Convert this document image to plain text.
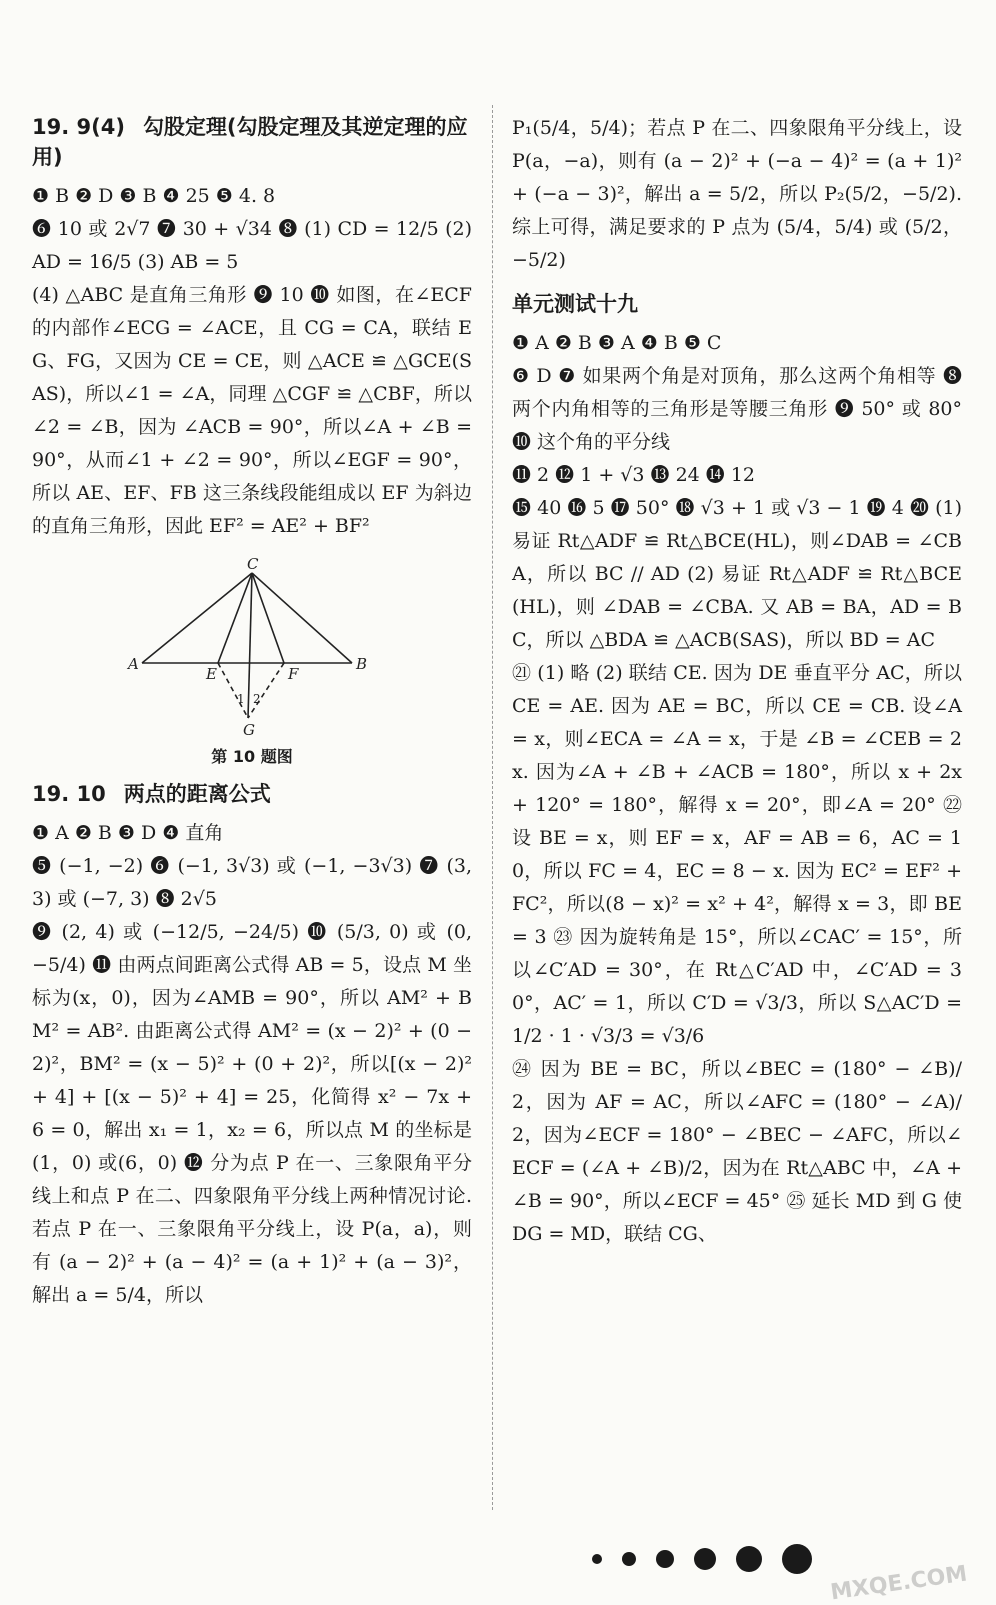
19. 9(4) 勾股定理(勾股定理及其逆定理的应用)

❶ B ❷ D ❸ B ❹ 25 ❺ 4. 8

❻ 10 或 2√7 ❼ 30 + √34 ❽ (1) CD = 12/5 (2) AD = 16/5 (3) AB = 5

(4) △ABC 是直角三角形 ❾ 10 ❿ 如图，在∠ECF 的内部作∠ECG = ∠ACE，且 CG = CA，联结 EG、FG，又因为 CE = CE，则 △ACE ≌ △GCE(SAS)，所以∠1 = ∠A，同理 △CGF ≌ △CBF，所以∠2 = ∠B，因为 ∠ACB = 90°，所以∠A + ∠B = 90°，从而∠1 + ∠2 = 90°，所以∠EGF = 90°，所以 AE、EF、FB 这三条线段能组成以 EF 为斜边的直角三角形，因此 EF² = AE² + BF²

C
A	B
E	F
G
1 2
第 10 题图
19. 10 两点的距离公式

❶ A ❷ B ❸ D ❹ 直角

❺ (−1, −2) ❻ (−1, 3√3) 或 (−1, −3√3) ❼ (3, 3) 或 (−7, 3) ❽ 2√5

❾ (2, 4) 或 (−12/5, −24/5) ❿ (5/3, 0) 或 (0, −5/4) ⓫ 由两点间距离公式得 AB = 5，设点 M 坐标为(x，0)，因为∠AMB = 90°，所以 AM² + BM² = AB². 由距离公式得 AM² = (x − 2)² + (0 − 2)²，BM² = (x − 5)² + (0 + 2)²，所以[(x − 2)² + 4] + [(x − 5)² + 4] = 25，化简得 x² − 7x + 6 = 0，解出 x₁ = 1，x₂ = 6，所以点 M 的坐标是(1，0) 或(6，0) ⓬ 分为点 P 在一、三象限角平分线上和点 P 在二、四象限角平分线上两种情况讨论. 若点 P 在一、三象限角平分线上，设 P(a，a)，则有 (a − 2)² + (a − 4)² = (a + 1)² + (a − 3)²，解出 a = 5/4，所以

P₁(5/4，5/4)；若点 P 在二、四象限角平分线上，设 P(a，−a)，则有 (a − 2)² + (−a − 4)² = (a + 1)² + (−a − 3)²，解出 a = 5/2，所以 P₂(5/2，−5/2). 综上可得，满足要求的 P 点为 (5/4，5/4) 或 (5/2，−5/2)

单元测试十九

❶ A ❷ B ❸ A ❹ B ❺ C

❻ D ❼ 如果两个角是对顶角，那么这两个角相等 ❽ 两个内角相等的三角形是等腰三角形 ❾ 50° 或 80° ❿ 这个角的平分线

⓫ 2 ⓬ 1 + √3 ⓭ 24 ⓮ 12

⓯ 40 ⓰ 5 ⓱ 50° ⓲ √3 + 1 或 √3 − 1 ⓳ 4 ⓴ (1) 易证 Rt△ADF ≌ Rt△BCE(HL)，则∠DAB = ∠CBA，所以 BC // AD (2) 易证 Rt△ADF ≌ Rt△BCE(HL)，则 ∠DAB = ∠CBA. 又 AB = BA，AD = BC，所以 △BDA ≌ △ACB(SAS)，所以 BD = AC

㉑ (1) 略 (2) 联结 CE. 因为 DE 垂直平分 AC，所以 CE = AE. 因为 AE = BC，所以 CE = CB. 设∠A = x，则∠ECA = ∠A = x，于是 ∠B = ∠CEB = 2x. 因为∠A + ∠B + ∠ACB = 180°，所以 x + 2x + 120° = 180°，解得 x = 20°，即∠A = 20° ㉒ 设 BE = x，则 EF = x，AF = AB = 6，AC = 10，所以 FC = 4，EC = 8 − x. 因为 EC² = EF² + FC²，所以(8 − x)² = x² + 4²，解得 x = 3，即 BE = 3 ㉓ 因为旋转角是 15°，所以∠CAC′ = 15°，所以∠C′AD = 30°，在 Rt△C′AD 中，∠C′AD = 30°，AC′ = 1，所以 C′D = √3/3，所以 S△AC′D = 1/2 · 1 · √3/3 = √3/6

㉔ 因为 BE = BC，所以∠BEC = (180° − ∠B)/2，因为 AF = AC，所以∠AFC = (180° − ∠A)/2，因为∠ECF = 180° − ∠BEC − ∠AFC，所以∠ECF = (∠A + ∠B)/2，因为在 Rt△ABC 中，∠A + ∠B = 90°，所以∠ECF = 45° ㉕ 延长 MD 到 G 使 DG = MD，联结 CG、

MXQE.COM
